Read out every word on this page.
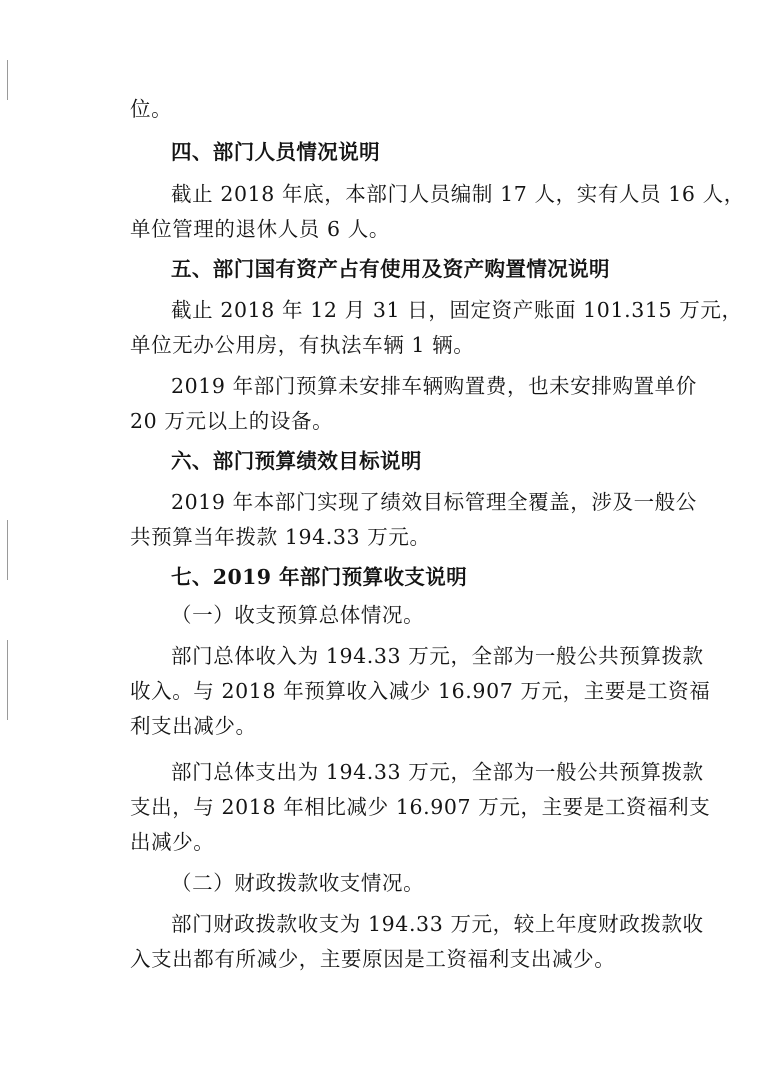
位。
四、部门人员情况说明
截止 2018 年底，本部门人员编制 17 人，实有人员 16 人，
单位管理的退休人员 6 人。
五、部门国有资产占有使用及资产购置情况说明
截止 2018 年 12 月 31 日，固定资产账面 101.315 万元，
单位无办公用房，有执法车辆 1 辆。
2019 年部门预算未安排车辆购置费，也未安排购置单价
20 万元以上的设备。
六、部门预算绩效目标说明
2019 年本部门实现了绩效目标管理全覆盖，涉及一般公
共预算当年拨款 194.33 万元。
七、2019 年部门预算收支说明
（一）收支预算总体情况。
部门总体收入为 194.33 万元，全部为一般公共预算拨款
收入。与 2018 年预算收入减少 16.907 万元，主要是工资福
利支出减少。
部门总体支出为 194.33 万元，全部为一般公共预算拨款
支出，与 2018 年相比减少 16.907 万元，主要是工资福利支
出减少。
（二）财政拨款收支情况。
部门财政拨款收支为 194.33 万元，较上年度财政拨款收
入支出都有所减少，主要原因是工资福利支出减少。
